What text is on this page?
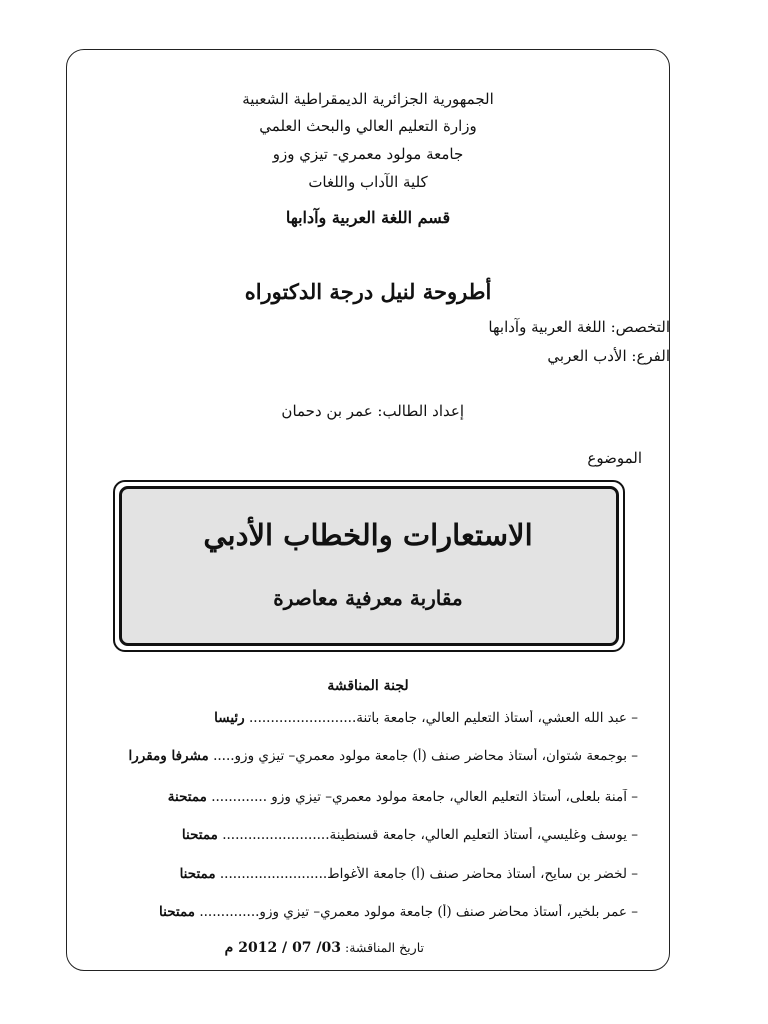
الجمهورية الجزائرية الديمقراطية الشعبية
وزارة التعليم العالي والبحث العلمي
جامعة مولود معمري- تيزي وزو
كلية الآداب واللغات
قسم اللغة العربية وآدابها
أطروحة لنيل درجة الدكتوراه
التخصص: اللغة العربية وآدابها
الفرع: الأدب العربي
إعداد الطالب: عمر بن دحمان
الموضوع
الاستعارات والخطاب الأدبي
مقاربة معرفية معاصرة
لجنة المناقشة
– عبد الله العشي، أستاذ التعليم العالي، جامعة باتنة......................... رئيسا
– بوجمعة شتوان، أستاذ محاضر صنف (أ) جامعة مولود معمري– تيزي وزو..... مشرفا ومقررا
– آمنة بلعلى، أستاذ التعليم العالي، جامعة مولود معمري– تيزي وزو ............. ممتحنة
– يوسف وغليسي، أستاذ التعليم العالي، جامعة قسنطينة......................... ممتحنا
– لخضر بن سايح، أستاذ محاضر صنف (أ) جامعة الأغواط......................... ممتحنا
– عمر بلخير، أستاذ محاضر صنف (أ) جامعة مولود معمري– تيزي وزو.............. ممتحنا
تاريخ المناقشة: 03/ 07 / 2012 م
